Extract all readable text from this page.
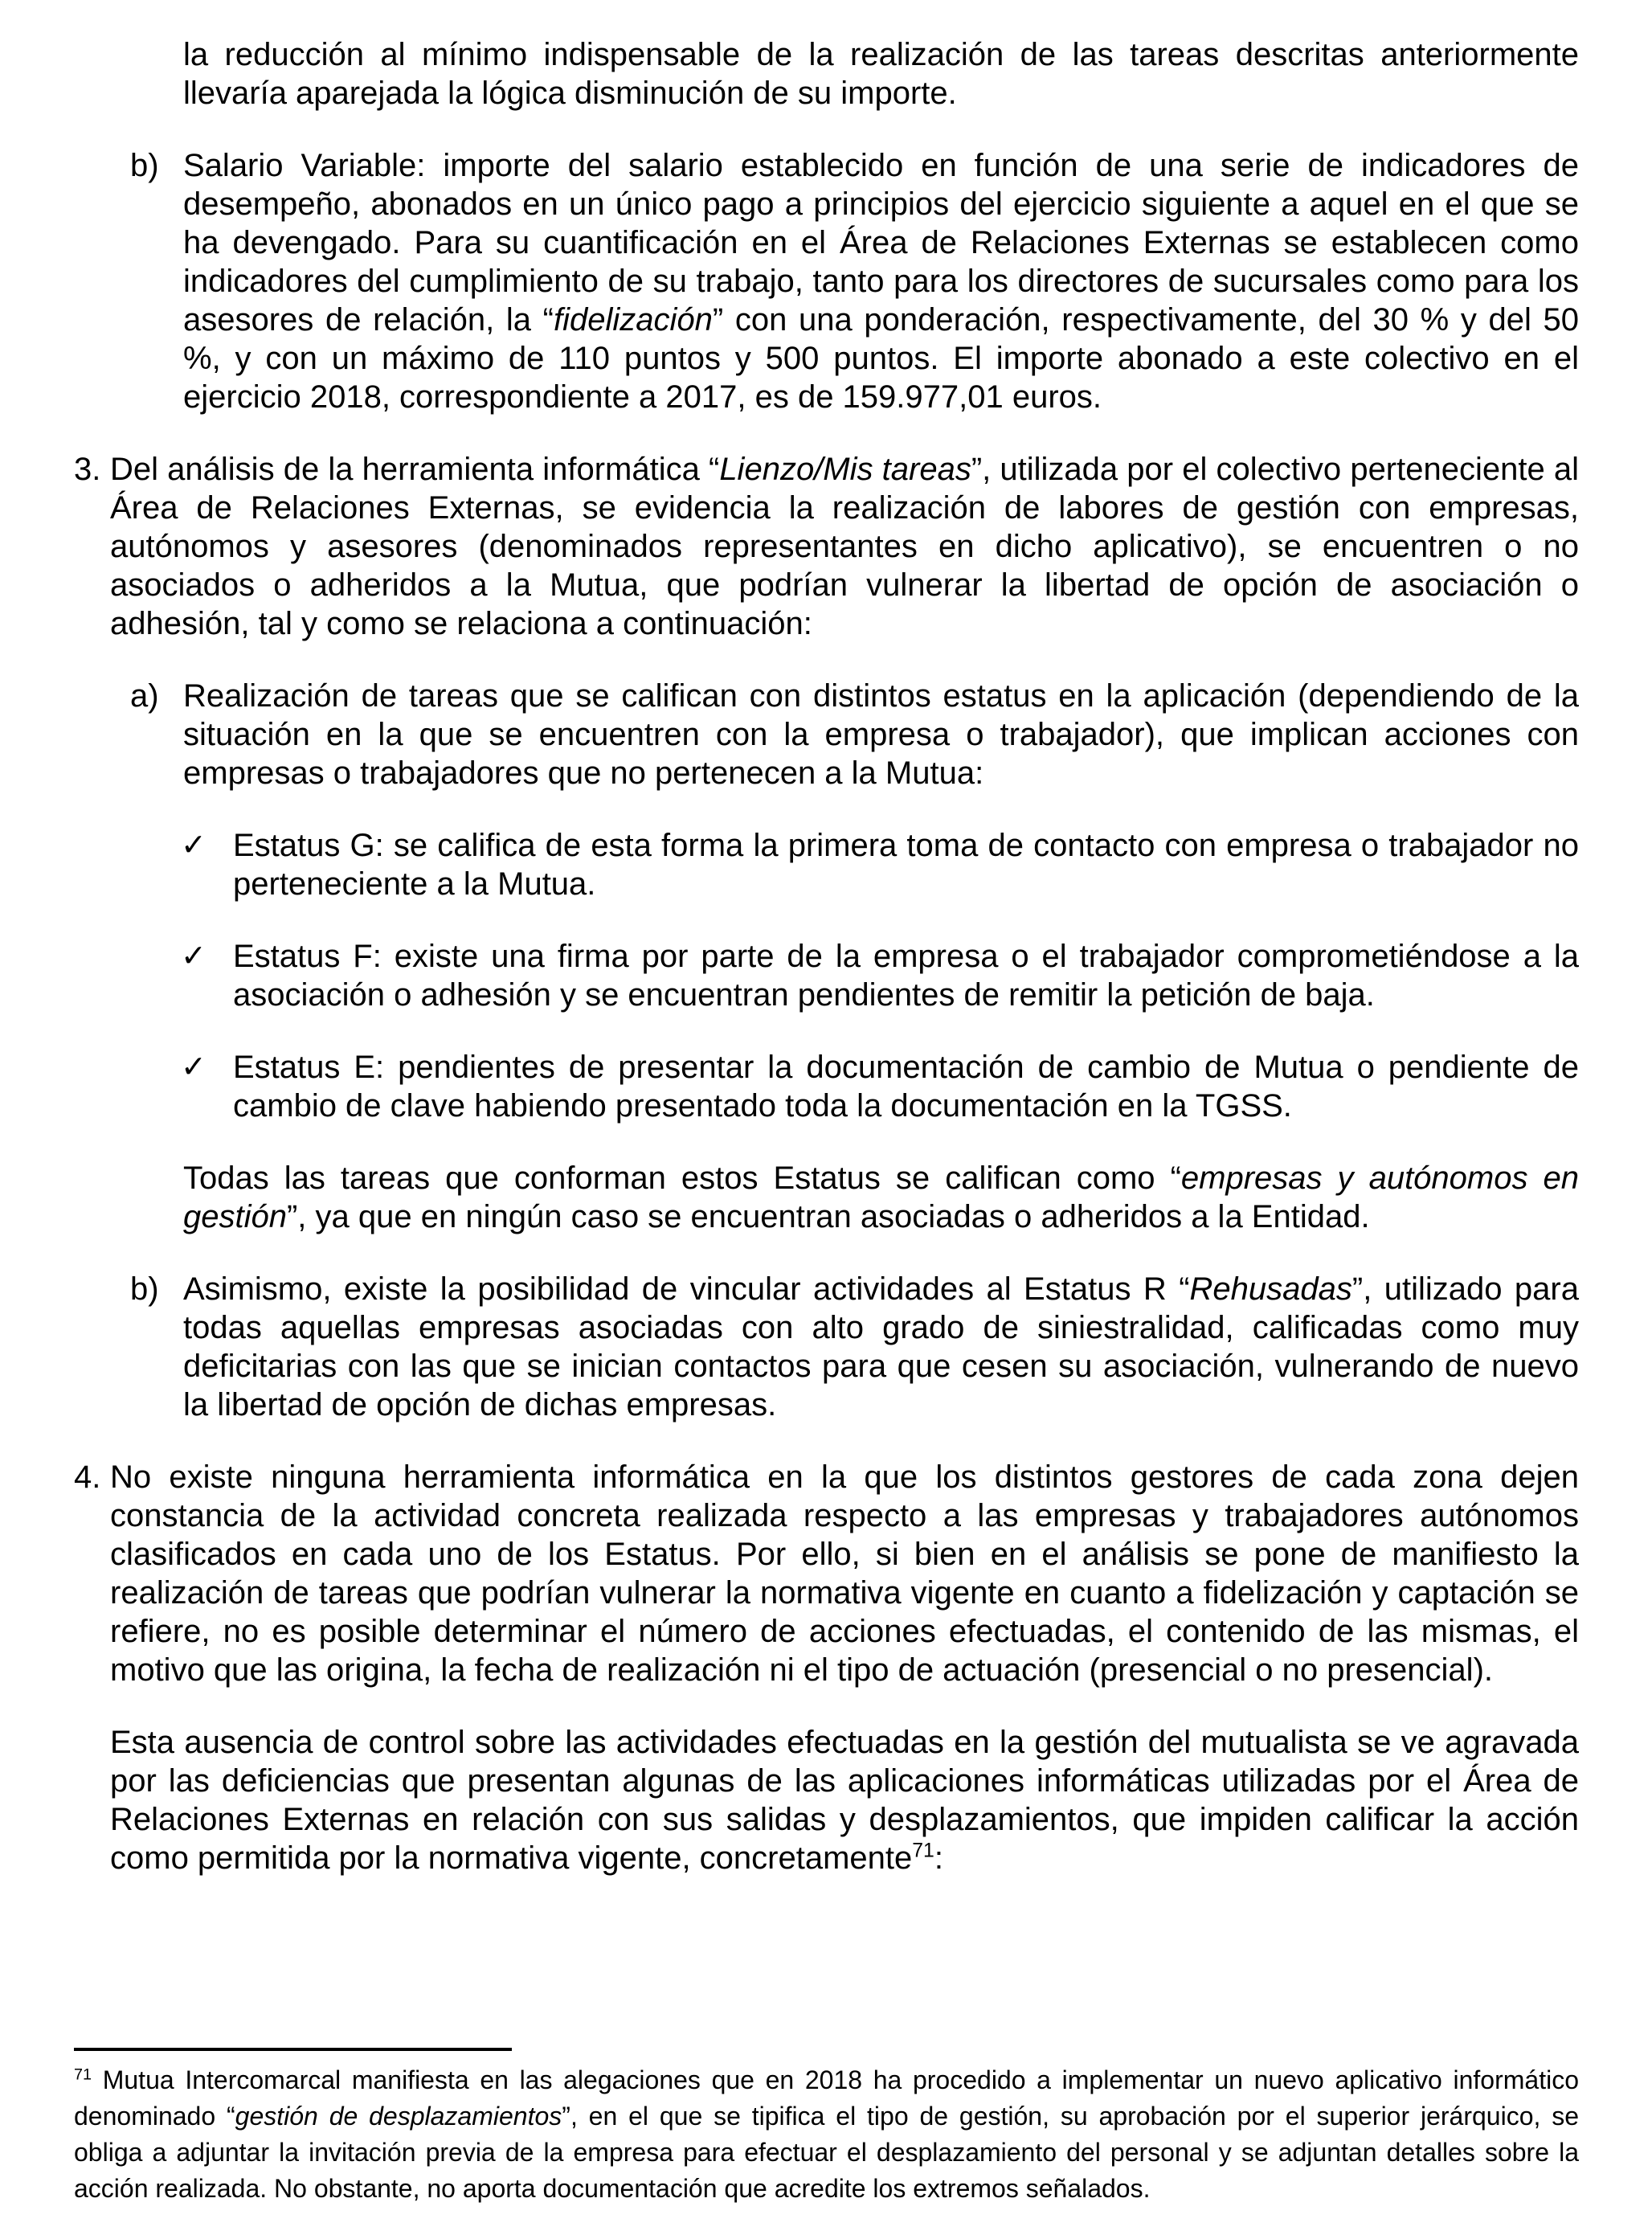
la reducción al mínimo indispensable de la realización de las tareas descritas anteriormente llevaría aparejada la lógica disminución de su importe.
b) Salario Variable: importe del salario establecido en función de una serie de indicadores de desempeño, abonados en un único pago a principios del ejercicio siguiente a aquel en el que se ha devengado. Para su cuantificación en el Área de Relaciones Externas se establecen como indicadores del cumplimiento de su trabajo, tanto para los directores de sucursales como para los asesores de relación, la “fidelización” con una ponderación, respectivamente, del 30 % y del 50 %, y con un máximo de 110 puntos y 500 puntos. El importe abonado a este colectivo en el ejercicio 2018, correspondiente a 2017, es de 159.977,01 euros.
3. Del análisis de la herramienta informática “Lienzo/Mis tareas”, utilizada por el colectivo perteneciente al Área de Relaciones Externas, se evidencia la realización de labores de gestión con empresas, autónomos y asesores (denominados representantes en dicho aplicativo), se encuentren o no asociados o adheridos a la Mutua, que podrían vulnerar la libertad de opción de asociación o adhesión, tal y como se relaciona a continuación:
a) Realización de tareas que se califican con distintos estatus en la aplicación (dependiendo de la situación en la que se encuentren con la empresa o trabajador), que implican acciones con empresas o trabajadores que no pertenecen a la Mutua:
✓ Estatus G: se califica de esta forma la primera toma de contacto con empresa o trabajador no perteneciente a la Mutua.
✓ Estatus F: existe una firma por parte de la empresa o el trabajador comprometiéndose a la asociación o adhesión y se encuentran pendientes de remitir la petición de baja.
✓ Estatus E: pendientes de presentar la documentación de cambio de Mutua o pendiente de cambio de clave habiendo presentado toda la documentación en la TGSS.
Todas las tareas que conforman estos Estatus se califican como “empresas y autónomos en gestión”, ya que en ningún caso se encuentran asociadas o adheridos a la Entidad.
b) Asimismo, existe la posibilidad de vincular actividades al Estatus R “Rehusadas”, utilizado para todas aquellas empresas asociadas con alto grado de siniestralidad, calificadas como muy deficitarias con las que se inician contactos para que cesen su asociación, vulnerando de nuevo la libertad de opción de dichas empresas.
4. No existe ninguna herramienta informática en la que los distintos gestores de cada zona dejen constancia de la actividad concreta realizada respecto a las empresas y trabajadores autónomos clasificados en cada uno de los Estatus. Por ello, si bien en el análisis se pone de manifiesto la realización de tareas que podrían vulnerar la normativa vigente en cuanto a fidelización y captación se refiere, no es posible determinar el número de acciones efectuadas, el contenido de las mismas, el motivo que las origina, la fecha de realización ni el tipo de actuación (presencial o no presencial).
Esta ausencia de control sobre las actividades efectuadas en la gestión del mutualista se ve agravada por las deficiencias que presentan algunas de las aplicaciones informáticas utilizadas por el Área de Relaciones Externas en relación con sus salidas y desplazamientos, que impiden calificar la acción como permitida por la normativa vigente, concretamente$^{71}$:
$^{71}$ Mutua Intercomarcal manifiesta en las alegaciones que en 2018 ha procedido a implementar un nuevo aplicativo informático denominado “gestión de desplazamientos”, en el que se tipifica el tipo de gestión, su aprobación por el superior jerárquico, se obliga a adjuntar la invitación previa de la empresa para efectuar el desplazamiento del personal y se adjuntan detalles sobre la acción realizada. No obstante, no aporta documentación que acredite los extremos señalados.
